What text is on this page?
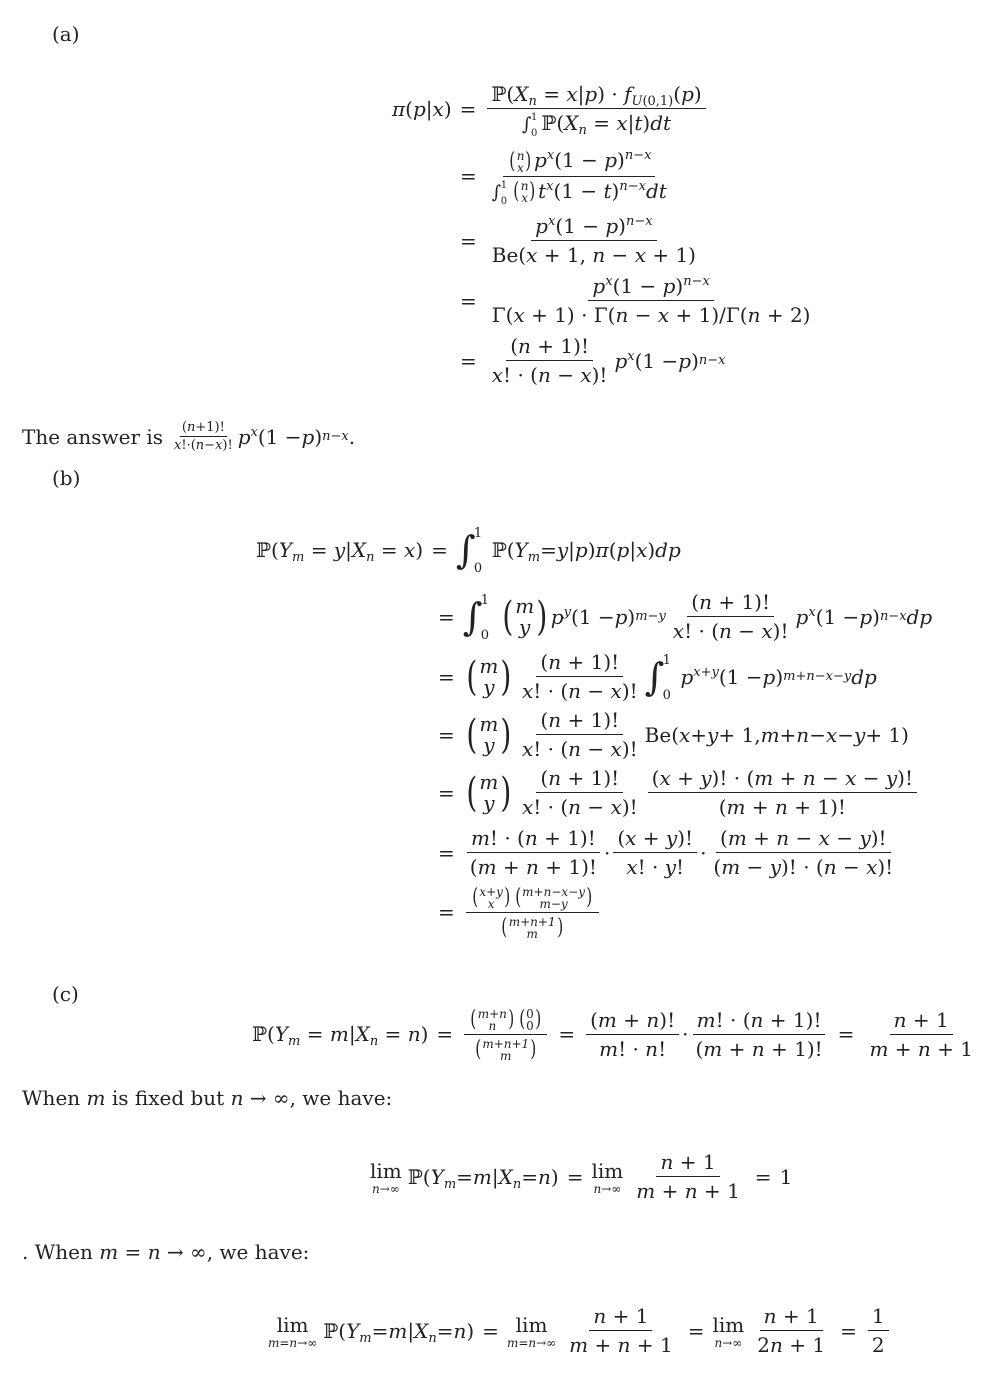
(a)
$\pi(p|x) = ℙ(X_n = x|p) \cdot f_{U(0,1)}(p)$
∫ 1
0 $ℙ(X_n = x|t)dt$
= ( n
x ) $p^x(1 - p)^{n-x}$
∫ 1
0 ( n
x ) $t^x(1 - t)^{n-x}dt$
= $\frac{p^x(1 - p)^{n-x}}{Be(x + 1, n - x + 1)}$
= $\frac{p^x(1 - p)^{n-x}}{\Gamma(x + 1) \cdot \Gamma(n - x + 1)/\Gamma(n + 2)}$
= $\frac{(n + 1)!}{x! \cdot (n - x)!} p^x$ (1 − p ) n−x
The answer is $\frac{(n+1)!}{x!\cdot(n-x)!} p^x$ (1 − p ) n−x .
(b)
$ℙ(Y_m = y|X_n = x)$ = ∫
1
0
ℙ( $Y_m = y$ | p ) π ( p | x ) dp
= ∫
1
0 ( m
y ) $p^y$ (1 − p ) $m-y \frac{(n + 1)!}{x! \cdot (n - x)!} p^x$ (1 − p ) n−x dp
= ( m
y ) $\frac{(n + 1)!}{x! \cdot (n - x)!}$ ∫
1
0
$p^{x+y}$ (1 − p ) m+n−x−y dp
= ( m
y ) $\frac{(n + 1)!}{x! \cdot (n - x)!} Be$( x + y + 1, m + n − x − y + 1)
= ( m
y ) $\frac{(n + 1)!}{x! \cdot (n - x)!} \frac{(x + y)! \cdot (m + n - x - y)!}{(m + n + 1)!}$
= $\frac{m! \cdot (n + 1)!}{(m + n + 1)!} \cdot \frac{(x + y)!}{x! \cdot y!} \cdot \frac{(m + n - x - y)!}{(m - y)! \cdot (n - x)!}$
= ( x+y
x ) ( m+n−x−y
m−y )
( m+n+1
m )
(c)
$ℙ(Y_m = m|X_n = n)$ = ( m+n
n ) ( 0
0 )
( m+n+1
m ) = $\frac{(m + n)!}{m! \cdot n!} \cdot \frac{m! \cdot (n + 1)!}{(m + n + 1)!} = \frac{n + 1}{m + n + 1}$
When m is fixed but n → ∞, we have:
lim
n→∞ ℙ( $Y_m = m$ | $X_n = n$ ) = lim
$n\to\infty \frac{n + 1}{m + n + 1} = 1$
. When m = n → ∞, we have:
lim
m=n→∞ ℙ( $Y_m = m$ | $X_n = n$ ) = lim
$m=n\to\infty \frac{n + 1}{m + n + 1} = \lim$
$n\to\infty \frac{n + 1}{2n + 1} = \frac{1}{2}$
